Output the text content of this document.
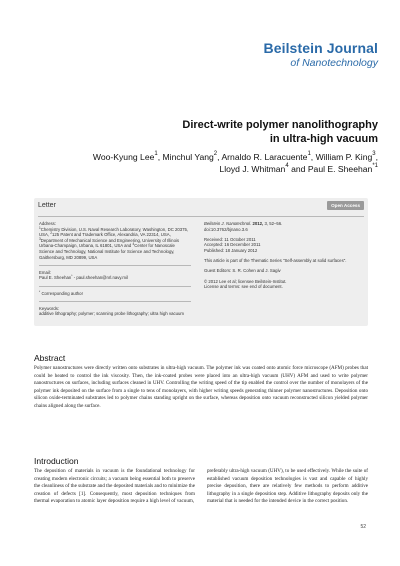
Beilstein Journal
of Nanotechnology
Direct-write polymer nanolithography
in ultra-high vacuum
Woo-Kyung Lee$^1$, Minchul Yang$^2$, Arnaldo R. Laracuente$^1$, William P. King$^3$,
Lloyd J. Whitman$^4$ and Paul E. Sheehan$^{*1}$
Letter	Open Access

Address:
$^1$Chemistry Division, U.S. Naval Research Laboratory, Washington, DC 20375, USA, $^2$125 Patent and Trademark Office, Alexandria, VA 22314, USA, $^3$Department of Mechanical Science and Engineering, University of Illinois Urbana-Champaign, Urbana, IL 61801, USA and $^4$Center for Nanoscale Science and Technology, National Institute for Science and Technology, Gaithersburg, MD 20899, USA

Email:
Paul E. Sheehan* - paul.sheehan@nrl.navy.mil

* Corresponding author

Keywords:
additive lithography; polymer; scanning probe lithography; ultra high vacuum

Beilstein J. Nanotechnol. 2012, 3, 52–56.
doi:10.3762/bjnano.3.6

Received: 11 October 2011
Accepted: 16 December 2011
Published: 18 January 2012

This article is part of the Thematic Series "Self-assembly at solid surfaces".

Guest Editors: S. R. Cohen and J. Sagiv

© 2012 Lee et al; licensee Beilstein-Institut.
License and terms: see end of document.

Abstract
Polymer nanostructures were directly written onto substrates in ultra-high vacuum. The polymer ink was coated onto atomic force microscope (AFM) probes that could be heated to control the ink viscosity. Then, the ink-coated probes were placed into an ultra-high vacuum (UHV) AFM and used to write polymer nanostructures on surfaces, including surfaces cleaned in UHV. Controlling the writing speed of the tip enabled the control over the number of monolayers of the polymer ink deposited on the surface from a single to tens of monolayers, with higher writing speeds generating thinner polymer nanostructures. Deposition onto silicon oxide-terminated substrates led to polymer chains standing upright on the surface, whereas deposition onto vacuum reconstructed silicon yielded polymer chains aligned along the surface.
Introduction
The deposition of materials in vacuum is the foundational technology for creating modern electronic circuits; a vacuum being essential both to preserve the cleanliness of the substrate and the deposited materials and to minimize the creation of defects [1]. Consequently, most deposition techniques from thermal evaporation to atomic layer deposition require a high level of vacuum,
preferably ultra-high vacuum (UHV), to be used effectively. While the suite of established vacuum deposition technologies is vast and capable of highly precise deposition, there are relatively few methods to perform additive lithography in a single deposition step. Additive lithography deposits only the material that is needed for the intended device in the correct position.
52
